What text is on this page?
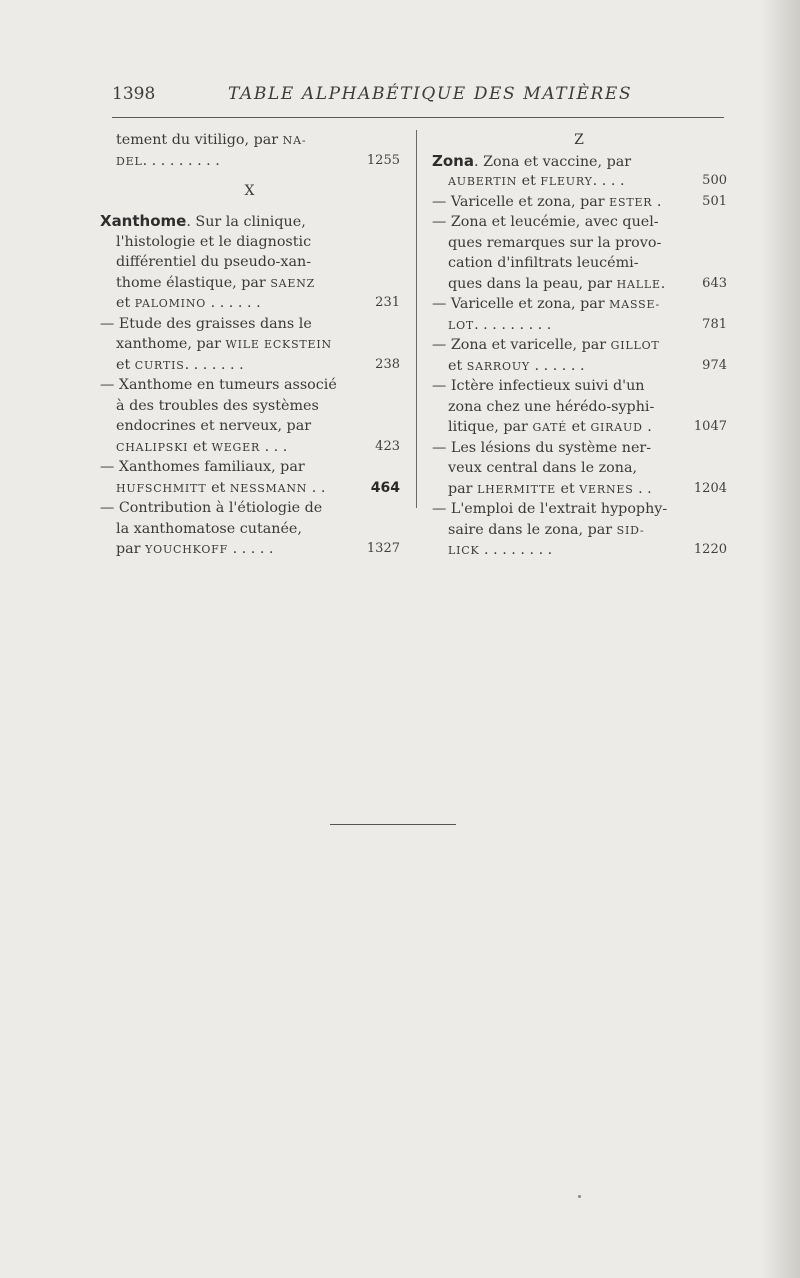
1398	TABLE ALPHABÉTIQUE DES MATIÈRES
tement du vitiligo, par NA-
DEL. . . . . . . . .	1255
X
Xanthome. Sur la clinique,
l'histologie et le diagnostic
différentiel du pseudo-xan-
thome élastique, par SAENZ
et PALOMINO . . . . . .	231
— Etude des graisses dans le
xanthome, par WILE ECKSTEIN
et CURTIS. . . . . . .	238
— Xanthome en tumeurs associé
à des troubles des systèmes
endocrines et nerveux, par
CHALIPSKI et WEGER . . .	423
— Xanthomes familiaux, par
HUFSCHMITT et NESSMANN . .	464
— Contribution à l'étiologie de
la xanthomatose cutanée,
par YOUCHKOFF . . . . .	1327
Z
Zona. Zona et vaccine, par
AUBERTIN et FLEURY. . . .	500
— Varicelle et zona, par ESTER .	501
— Zona et leucémie, avec quel-
ques remarques sur la provo-
cation d'infiltrats leucémi-
ques dans la peau, par HALLE.	643
— Varicelle et zona, par MASSE-
LOT. . . . . . . . .	781
— Zona et varicelle, par GILLOT
et SARROUY . . . . . .	974
— Ictère infectieux suivi d'un
zona chez une hérédo-syphi-
litique, par GATÉ et GIRAUD .	1047
— Les lésions du système ner-
veux central dans le zona,
par LHERMITTE et VERNES . .	1204
— L'emploi de l'extrait hypophy-
saire dans le zona, par SID-
LICK . . . . . . . .	1220
